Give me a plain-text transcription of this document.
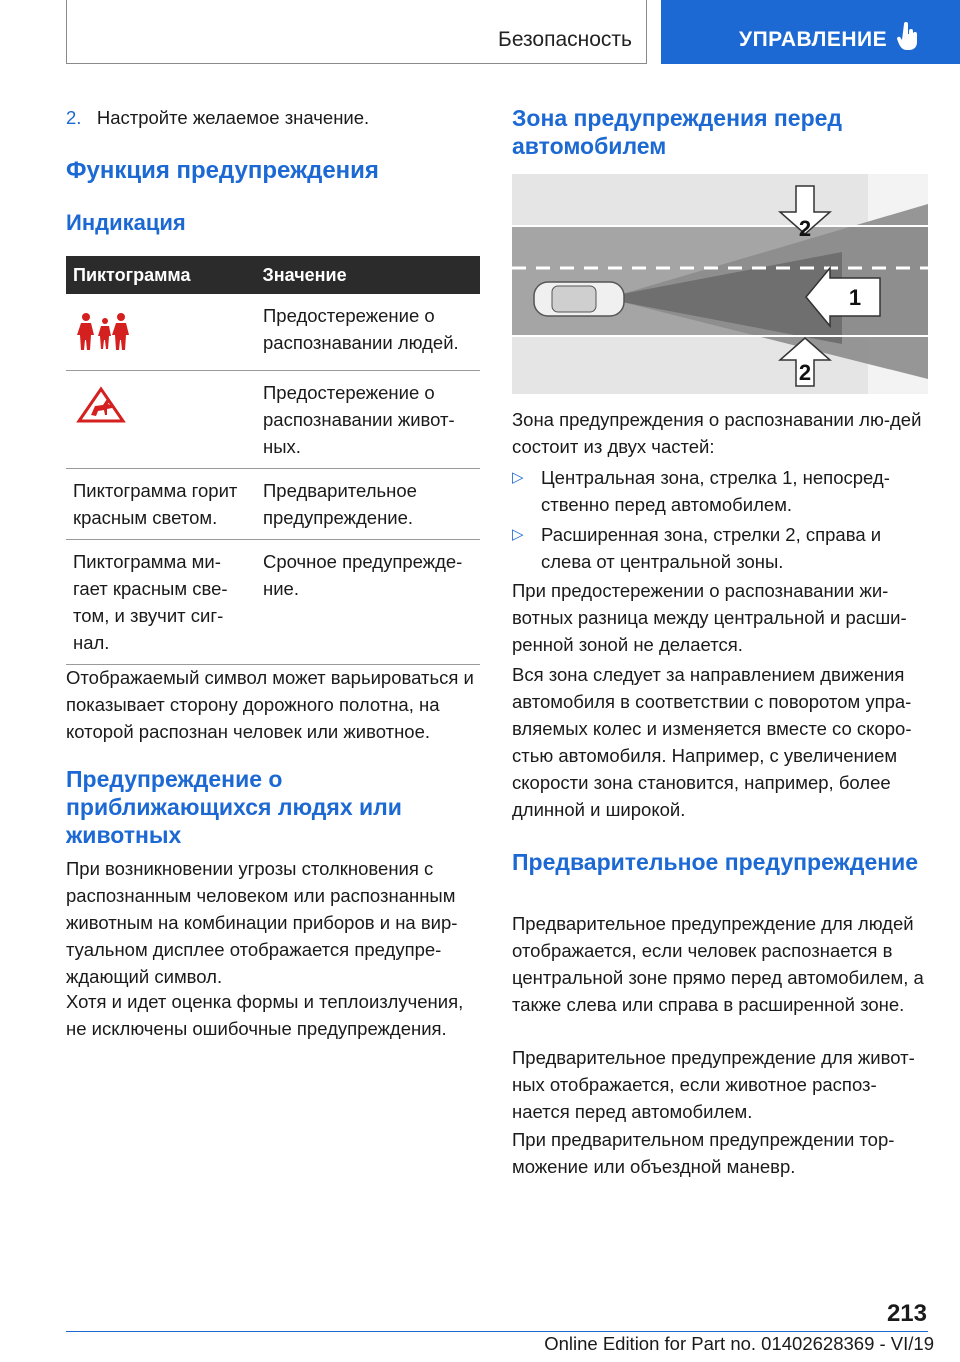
Безопасность	УПРАВЛЕНИЕ

2. Настройте желаемое значение.

Функция предупреждения
Индикация
Пиктограмма	Значение
	Предостережение о распознавании людей.
	Предостережение о распознавании живот-ных.
Пиктограмма горит красным светом.	Предварительное предупреждение.
Пиктограмма ми-гает красным све-том, и звучит сиг-нал.	Срочное предупрежде-ние.

Отображаемый символ может варьироваться и показывает сторону дорожного полотна, на которой распознан человек или животное.

Предупреждение о приближающихся людях или животных

При возникновении угрозы столкновения с распознанным человеком или распознанным животным на комбинации приборов и на вир-туальном дисплее отображается предупре-ждающий символ.

Хотя и идет оценка формы и теплоизлучения, не исключены ошибочные предупреждения.

Зона предупреждения перед автомобилем
2
1
2

Зона предупреждения о распознавании лю-дей состоит из двух частей:

▷ Центральная зона, стрелка 1, непосред-ственно перед автомобилем.
▷ Расширенная зона, стрелки 2, справа и слева от центральной зоны.

При предостережении о распознавании жи-вотных разница между центральной и расши-ренной зоной не делается.

Вся зона следует за направлением движения автомобиля в соответствии с поворотом упра-вляемых колес и изменяется вместе со скоро-стью автомобиля. Например, с увеличением скорости зона становится, например, более длинной и широкой.

Предварительное предупреждение

Предварительное предупреждение для людей отображается, если человек распознается в центральной зоне прямо перед автомобилем, а также слева или справа в расширенной зоне.

Предварительное предупреждение для живот-ных отображается, если животное распоз-нается перед автомобилем.

При предварительном предупреждении тор-можение или объездной маневр.

213
Online Edition for Part no. 01402628369 - VI/19
